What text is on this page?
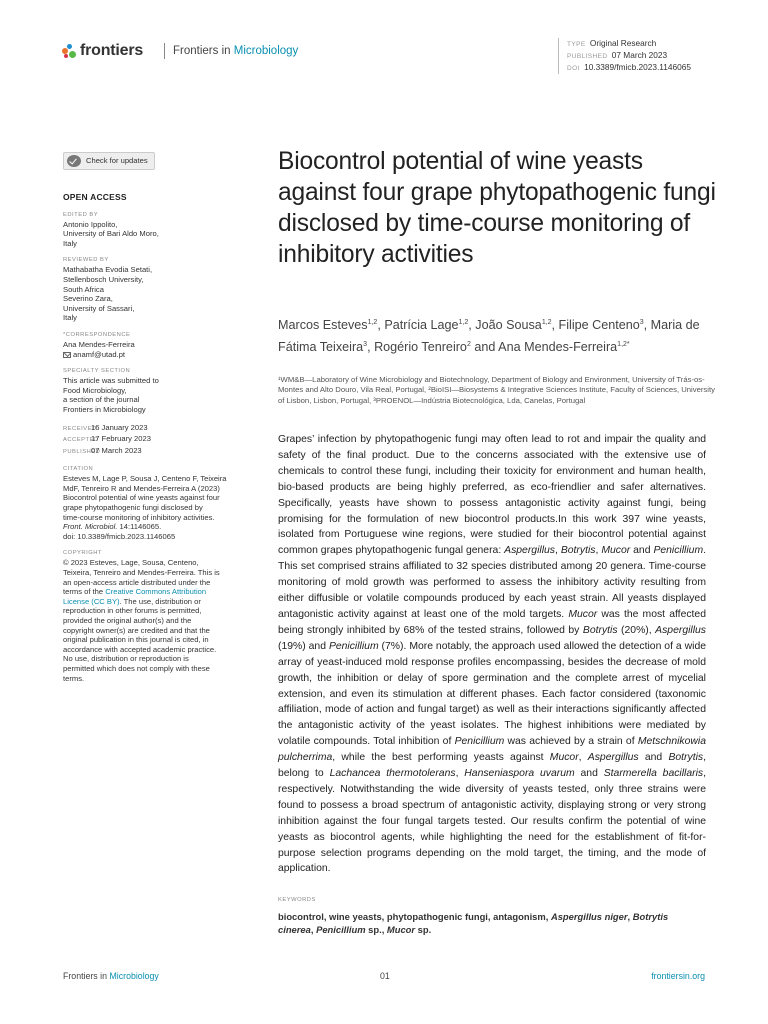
frontiers	Frontiers in Microbiology
TYPE Original Research
PUBLISHED 07 March 2023
DOI 10.3389/fmicb.2023.1146065
Check for updates
OPEN ACCESS
EDITED BY
Antonio Ippolito,
University of Bari Aldo Moro,
Italy
REVIEWED BY
Mathabatha Evodia Setati,
Stellenbosch University,
South Africa
Severino Zara,
University of Sassari,
Italy
*CORRESPONDENCE
Ana Mendes-Ferreira
anamf@utad.pt
SPECIALTY SECTION
This article was submitted to
Food Microbiology,
a section of the journal
Frontiers in Microbiology
RECEIVED16 January 2023
ACCEPTED17 February 2023
PUBLISHED07 March 2023
CITATION
Esteves M, Lage P, Sousa J, Centeno F, Teixeira
MdF, Tenreiro R and Mendes-Ferreira A (2023)
Biocontrol potential of wine yeasts against four
grape phytopathogenic fungi disclosed by
time-course monitoring of inhibitory activities.
Front. Microbiol. 14:1146065.
doi: 10.3389/fmicb.2023.1146065
COPYRIGHT
© 2023 Esteves, Lage, Sousa, Centeno,
Teixeira, Tenreiro and Mendes-Ferreira. This is
an open-access article distributed under the
terms of the Creative Commons Attribution
License (CC BY). The use, distribution or
reproduction in other forums is permitted,
provided the original author(s) and the
copyright owner(s) are credited and that the
original publication in this journal is cited, in
accordance with accepted academic practice.
No use, distribution or reproduction is
permitted which does not comply with these
terms.
Biocontrol potential of wine yeasts against four grape phytopathogenic fungi disclosed by time-course monitoring of inhibitory activities
Marcos Esteves$^{1,2}$, Patrícia Lage$^{1,2}$, João Sousa$^{1,2}$, Filipe Centeno$^3$, Maria de Fátima Teixeira$^3$, Rogério Tenreiro$^2$ and Ana Mendes-Ferreira$^{1,2*}$
¹WM&B—Laboratory of Wine Microbiology and Biotechnology, Department of Biology and Environment, University of Trás-os-Montes and Alto Douro, Vila Real, Portugal, ²BioISI—Biosystems & Integrative Sciences Institute, Faculty of Sciences, University of Lisbon, Lisbon, Portugal, ³PROENOL—Indústria Biotecnológica, Lda, Canelas, Portugal
Grapes’ infection by phytopathogenic fungi may often lead to rot and impair the quality and safety of the final product. Due to the concerns associated with the extensive use of chemicals to control these fungi, including their toxicity for environment and human health, bio-based products are being highly preferred, as eco-friendlier and safer alternatives. Specifically, yeasts have shown to possess antagonistic activity against fungi, being promising for the formulation of new biocontrol products.In this work 397 wine yeasts, isolated from Portuguese wine regions, were studied for their biocontrol potential against common grapes phytopathogenic fungal genera: Aspergillus, Botrytis, Mucor and Penicillium. This set comprised strains affiliated to 32 species distributed among 20 genera. Time-course monitoring of mold growth was performed to assess the inhibitory activity resulting from either diffusible or volatile compounds produced by each yeast strain. All yeasts displayed antagonistic activity against at least one of the mold targets. Mucor was the most affected being strongly inhibited by 68% of the tested strains, followed by Botrytis (20%), Aspergillus (19%) and Penicillium (7%). More notably, the approach used allowed the detection of a wide array of yeast-induced mold response profiles encompassing, besides the decrease of mold growth, the inhibition or delay of spore germination and the complete arrest of mycelial extension, and even its stimulation at different phases. Each factor considered (taxonomic affiliation, mode of action and fungal target) as well as their interactions significantly affected the antagonistic activity of the yeast isolates. The highest inhibitions were mediated by volatile compounds. Total inhibition of Penicillium was achieved by a strain of Metschnikowia pulcherrima, while the best performing yeasts against Mucor, Aspergillus and Botrytis, belong to Lachancea thermotolerans, Hanseniaspora uvarum and Starmerella bacillaris, respectively. Notwithstanding the wide diversity of yeasts tested, only three strains were found to possess a broad spectrum of antagonistic activity, displaying strong or very strong inhibition against the four fungal targets tested. Our results confirm the potential of wine yeasts as biocontrol agents, while highlighting the need for the establishment of fit-for-purpose selection programs depending on the mold target, the timing, and the mode of application.
KEYWORDS
biocontrol, wine yeasts, phytopathogenic fungi, antagonism, Aspergillus niger, Botrytis cinerea, Penicillium sp., Mucor sp.
Frontiers in Microbiology	01	frontiersin.org
